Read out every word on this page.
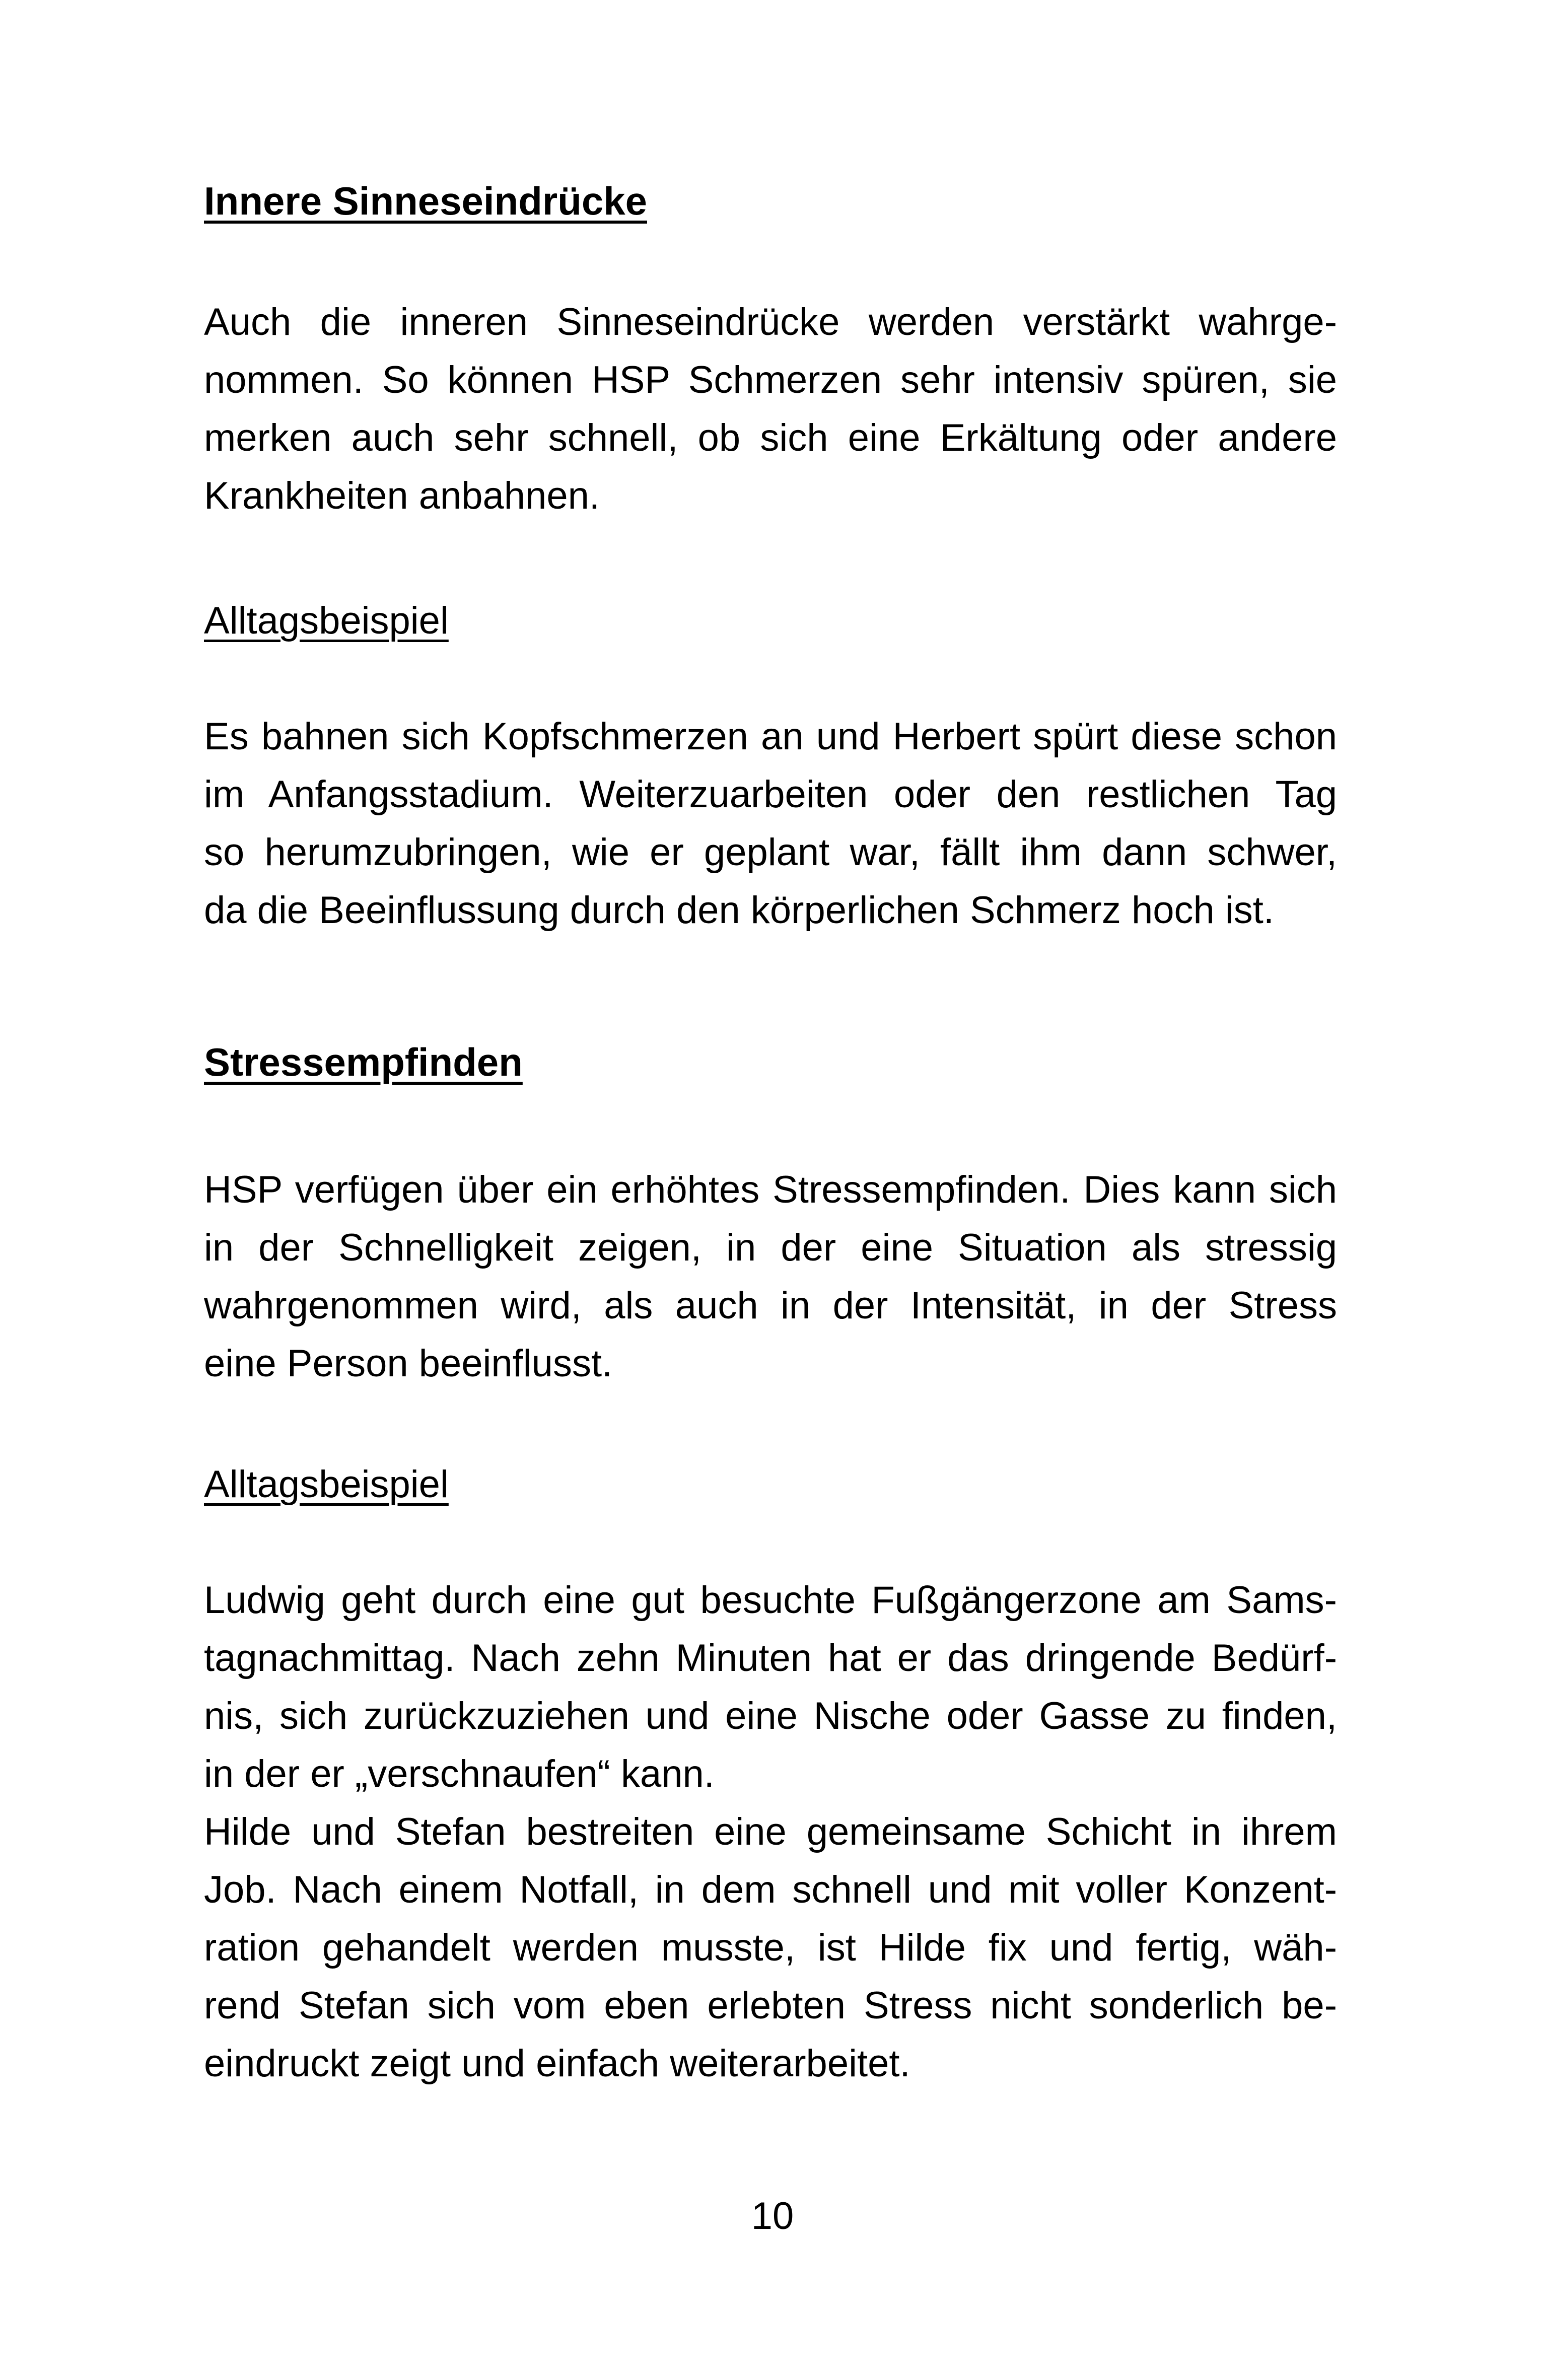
Innere Sinneseindrücke
Auch die inneren Sinneseindrücke werden verstärkt wahrge-
nommen. So können HSP Schmerzen sehr intensiv spüren, sie
merken auch sehr schnell, ob sich eine Erkältung oder andere
Krankheiten anbahnen.
Alltagsbeispiel
Es bahnen sich Kopfschmerzen an und Herbert spürt diese schon
im Anfangsstadium. Weiterzuarbeiten oder den restlichen Tag
so herumzubringen, wie er geplant war, fällt ihm dann schwer,
da die Beeinflussung durch den körperlichen Schmerz hoch ist.
Stressempfinden
HSP verfügen über ein erhöhtes Stressempfinden. Dies kann sich
in der Schnelligkeit zeigen, in der eine Situation als stressig
wahrgenommen wird, als auch in der Intensität, in der Stress
eine Person beeinflusst.
Alltagsbeispiel
Ludwig geht durch eine gut besuchte Fußgängerzone am Sams-
tagnachmittag. Nach zehn Minuten hat er das dringende Bedürf-
nis, sich zurückzuziehen und eine Nische oder Gasse zu finden,
in der er „verschnaufen“ kann.
Hilde und Stefan bestreiten eine gemeinsame Schicht in ihrem
Job. Nach einem Notfall, in dem schnell und mit voller Konzent-
ration gehandelt werden musste, ist Hilde fix und fertig, wäh-
rend Stefan sich vom eben erlebten Stress nicht sonderlich be-
eindruckt zeigt und einfach weiterarbeitet.

10
